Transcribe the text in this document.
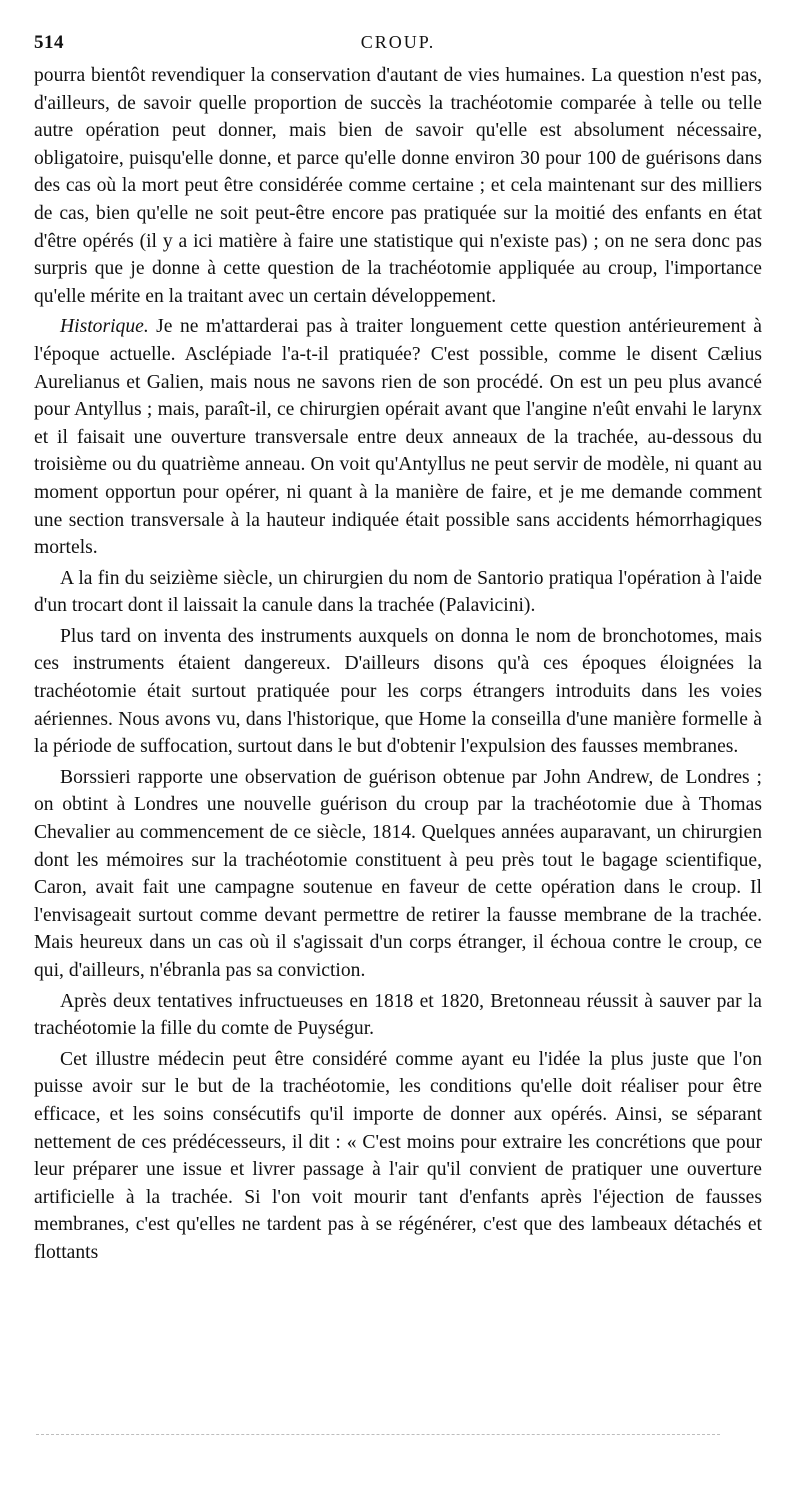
514	CROUP.

pourra bientôt revendiquer la conservation d'autant de vies humaines. La question n'est pas, d'ailleurs, de savoir quelle proportion de succès la trachéotomie comparée à telle ou telle autre opération peut donner, mais bien de savoir qu'elle est absolument nécessaire, obligatoire, puisqu'elle donne, et parce qu'elle donne environ 30 pour 100 de guérisons dans des cas où la mort peut être considérée comme certaine ; et cela maintenant sur des milliers de cas, bien qu'elle ne soit peut-être encore pas pratiquée sur la moitié des enfants en état d'être opérés (il y a ici matière à faire une statistique qui n'existe pas) ; on ne sera donc pas surpris que je donne à cette question de la trachéotomie appliquée au croup, l'importance qu'elle mérite en la traitant avec un certain développement.

Historique. Je ne m'attarderai pas à traiter longuement cette question antérieurement à l'époque actuelle. Asclépiade l'a-t-il pratiquée? C'est possible, comme le disent Cælius Aurelianus et Galien, mais nous ne savons rien de son procédé. On est un peu plus avancé pour Antyllus ; mais, paraît-il, ce chirurgien opérait avant que l'angine n'eût envahi le larynx et il faisait une ouverture transversale entre deux anneaux de la trachée, au-dessous du troisième ou du quatrième anneau. On voit qu'Antyllus ne peut servir de modèle, ni quant au moment opportun pour opérer, ni quant à la manière de faire, et je me demande comment une section transversale à la hauteur indiquée était possible sans accidents hémorrhagiques mortels.

A la fin du seizième siècle, un chirurgien du nom de Santorio pratiqua l'opération à l'aide d'un trocart dont il laissait la canule dans la trachée (Palavicini).

Plus tard on inventa des instruments auxquels on donna le nom de bronchotomes, mais ces instruments étaient dangereux. D'ailleurs disons qu'à ces époques éloignées la trachéotomie était surtout pratiquée pour les corps étrangers introduits dans les voies aériennes. Nous avons vu, dans l'historique, que Home la conseilla d'une manière formelle à la période de suffocation, surtout dans le but d'obtenir l'expulsion des fausses membranes.

Borssieri rapporte une observation de guérison obtenue par John Andrew, de Londres ; on obtint à Londres une nouvelle guérison du croup par la trachéotomie due à Thomas Chevalier au commencement de ce siècle, 1814. Quelques années auparavant, un chirurgien dont les mémoires sur la trachéotomie constituent à peu près tout le bagage scientifique, Caron, avait fait une campagne soutenue en faveur de cette opération dans le croup. Il l'envisageait surtout comme devant permettre de retirer la fausse membrane de la trachée. Mais heureux dans un cas où il s'agissait d'un corps étranger, il échoua contre le croup, ce qui, d'ailleurs, n'ébranla pas sa conviction.

Après deux tentatives infructueuses en 1818 et 1820, Bretonneau réussit à sauver par la trachéotomie la fille du comte de Puységur.

Cet illustre médecin peut être considéré comme ayant eu l'idée la plus juste que l'on puisse avoir sur le but de la trachéotomie, les conditions qu'elle doit réaliser pour être efficace, et les soins consécutifs qu'il importe de donner aux opérés. Ainsi, se séparant nettement de ces prédécesseurs, il dit : « C'est moins pour extraire les concrétions que pour leur préparer une issue et livrer passage à l'air qu'il convient de pratiquer une ouverture artificielle à la trachée. Si l'on voit mourir tant d'enfants après l'éjection de fausses membranes, c'est qu'elles ne tardent pas à se régénérer, c'est que des lambeaux détachés et flottants
